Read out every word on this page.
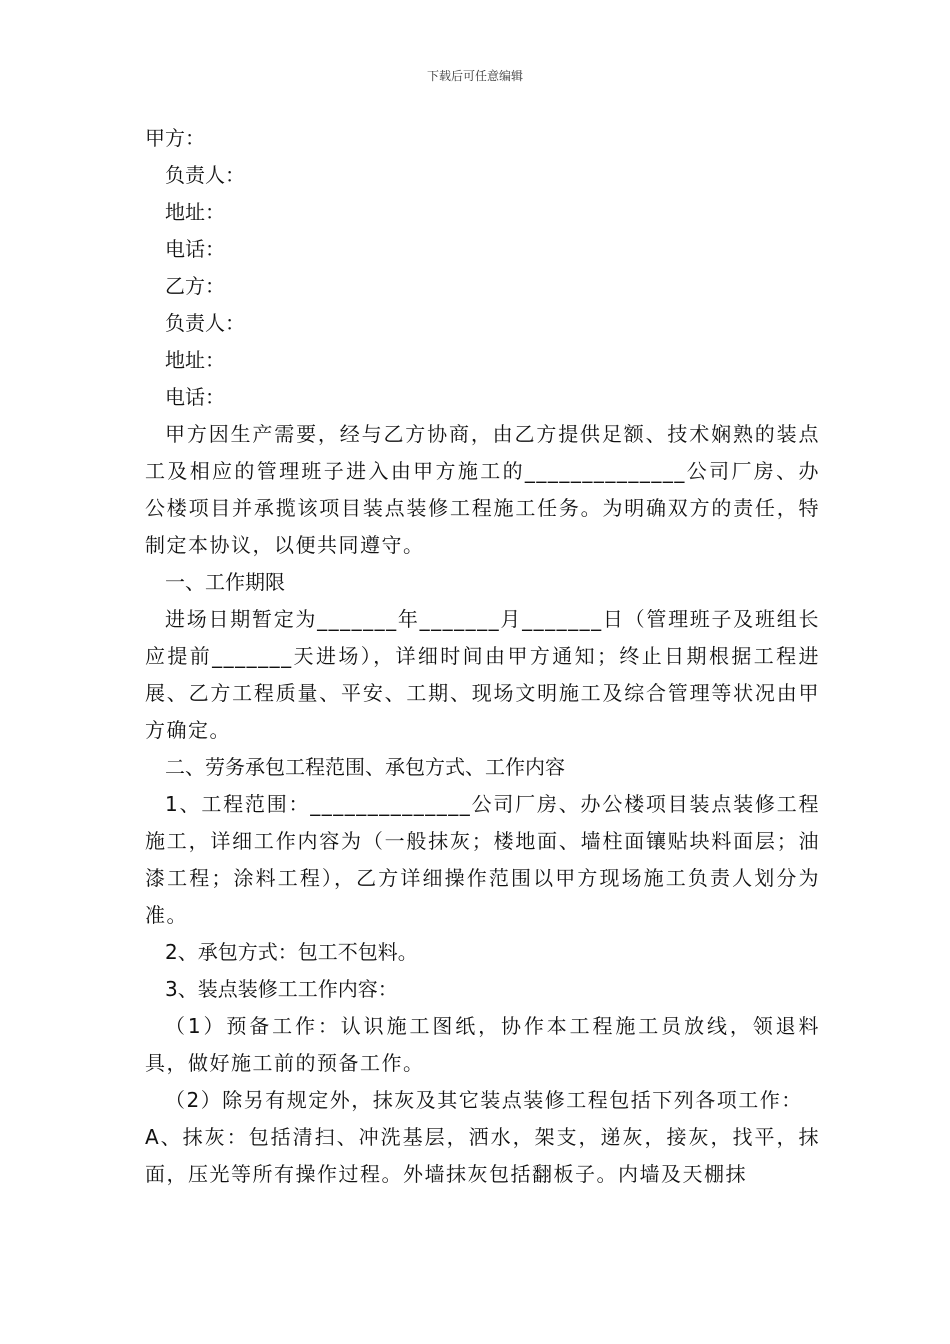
下载后可任意编辑
甲方：
负责人：
地址：
电话：
乙方：
负责人：
地址：
电话：
甲方因生产需要，经与乙方协商，由乙方提供足额、技术娴熟的装点工及相应的管理班子进入由甲方施工的______________公司厂房、办公楼项目并承揽该项目装点装修工程施工任务。为明确双方的责任，特制定本协议，以便共同遵守。
一、工作期限
进场日期暂定为_______年_______月_______日（管理班子及班组长应提前_______天进场），详细时间由甲方通知；终止日期根据工程进展、乙方工程质量、平安、工期、现场文明施工及综合管理等状况由甲方确定。
二、劳务承包工程范围、承包方式、工作内容
1、工程范围：______________公司厂房、办公楼项目装点装修工程施工，详细工作内容为（一般抹灰；楼地面、墙柱面镶贴块料面层；油漆工程；涂料工程），乙方详细操作范围以甲方现场施工负责人划分为准。
2、承包方式：包工不包料。
3、装点装修工工作内容：
（1）预备工作：认识施工图纸，协作本工程施工员放线，领退料具，做好施工前的预备工作。
（2）除另有规定外，抹灰及其它装点装修工程包括下列各项工作：
A、抹灰：包括清扫、冲洗基层，洒水，架支，递灰，接灰，找平，抹面，压光等所有操作过程。外墙抹灰包括翻板子。内墙及天棚抹
